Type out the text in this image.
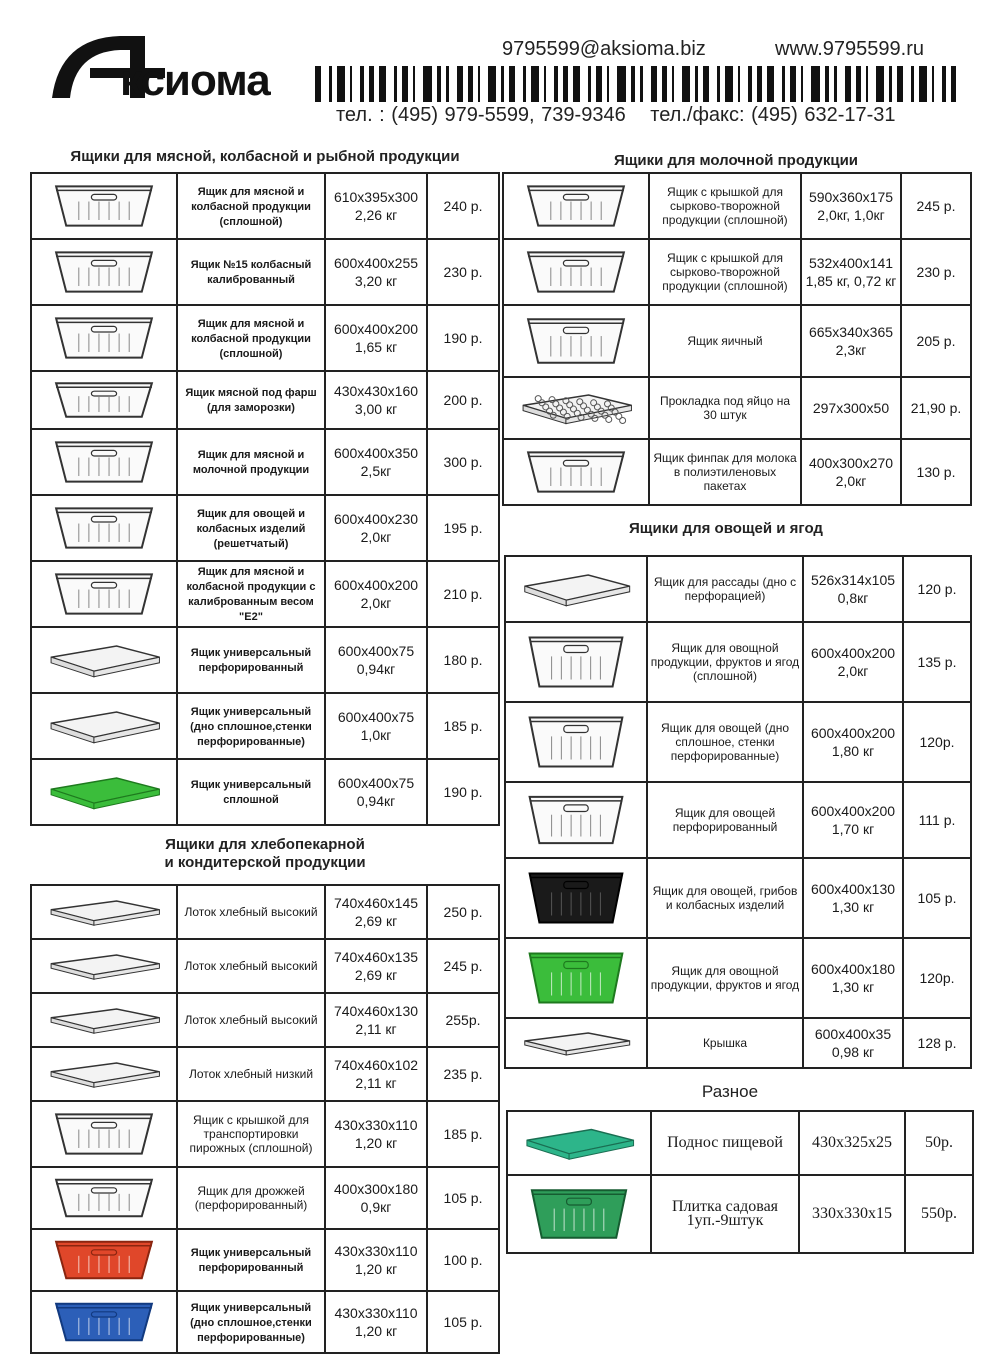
ксиома
9795599@aksioma.biz	www.9795599.ru
тел. : (495) 979-5599, 739-9346 тел./факс: (495) 632-17-31
Ящики для мясной, колбасной и рыбной продукции
	Ящик для мясной и колбасной продукции (сплошной)	610x395x300
2,26 кг	240 р.

	Ящик №15 колбасный калиброванный	600x400x255
3,20 кг	230 р.

	Ящик для мясной и колбасной продукции (сплошной)	600x400x200
1,65 кг	190 р.

	Ящик мясной под фарш (для заморозки)	430x430x160
3,00 кг	200 р.

	Ящик для мясной и молочной продукции	600x400x350
2,5кг	300 р.

	Ящик для овощей и колбасных изделий (решетчатый)	600x400x230
2,0кг	195 р.

	Ящик для мясной и колбасной продукции с калиброванным весом "Е2"	600x400x200
2,0кг	210 р.

	Ящик универсальный перфорированный	600x400x75
0,94кг	180 р.

	Ящик универсальный (дно сплошное,стенки перфорированные)	600x400x75
1,0кг	185 р.

	Ящик универсальный сплошной	600x400x75
0,94кг	190 р.
Ящики для хлебопекарной
и кондитерской продукции
	Лоток хлебный высокий	740x460x145
2,69 кг	250 р.

	Лоток хлебный высокий	740x460x135
2,69 кг	245 р.

	Лоток хлебный высокий	740x460x130
2,11 кг	255р.

	Лоток хлебный низкий	740x460x102
2,11 кг	235 р.

	Ящик с крышкой для транспортировки пирожных (сплошной)	430x330x110
1,20 кг	185 р.

	Ящик для дрожжей (перфорированный)	400x300x180
0,9кг	105 р.

	Ящик универсальный перфорированный	430x330x110
1,20 кг	100 р.

	Ящик универсальный (дно сплошное,стенки перфорированные)	430x330x110
1,20 кг	105 р.
Ящики для молочной продукции
	Ящик с крышкой для сырково-творожной продукции (сплошной)	590x360x175
2,0кг, 1,0кг	245 р.

	Ящик с крышкой для сырково-творожной продукции (сплошной)	532x400x141
1,85 кг, 0,72 кг	230 р.

	Ящик яичный	665x340x365
2,3кг	205 р.

	Прокладка под яйцо на 30 штук	297x300x50	21,90 р.

	Ящик финпак для молока в полиэтиленовых пакетах	400x300x270
2,0кг	130 р.
Ящики для овощей и ягод
	Ящик для рассады (дно с перфорацией)	526x314x105
0,8кг	120 р.

	Ящик для овощной продукции, фруктов и ягод (сплошной)	600x400x200
2,0кг	135 р.

	Ящик для овощей (дно сплошное, стенки перфорированные)	600x400x200
1,80 кг	120р.

	Ящик для овощей перфорированный	600x400x200
1,70 кг	111 р.

	Ящик для овощей, грибов и колбасных изделий	600x400x130
1,30 кг	105 р.

	Ящик для овощной продукции, фруктов и ягод	600x400x180
1,30 кг	120р.

	Крышка	600x400x35
0,98 кг	128 р.
Разное
	Поднос пищевой	430x325x25	50р.

	Плитка садовая 1уп.-9штук	330x330x15	550р.
